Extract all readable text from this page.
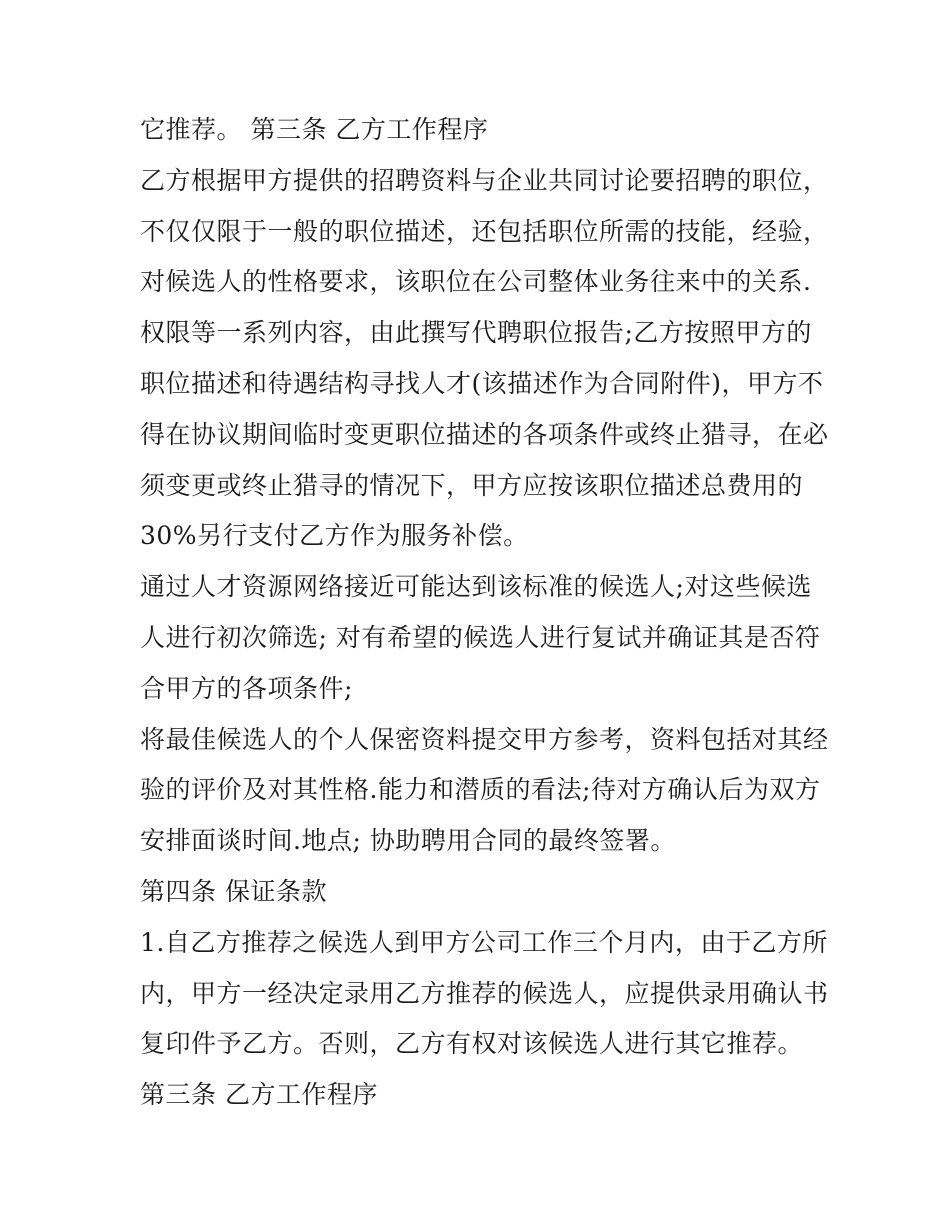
它推荐。 第三条 乙方工作程序
乙方根据甲方提供的招聘资料与企业共同讨论要招聘的职位，
不仅仅限于一般的职位描述，还包括职位所需的技能，经验，
对候选人的性格要求，该职位在公司整体业务往来中的关系.
权限等一系列内容，由此撰写代聘职位报告;乙方按照甲方的
职位描述和待遇结构寻找人才(该描述作为合同附件)，甲方不
得在协议期间临时变更职位描述的各项条件或终止猎寻，在必
须变更或终止猎寻的情况下，甲方应按该职位描述总费用的
30%另行支付乙方作为服务补偿。
通过人才资源网络接近可能达到该标准的候选人;对这些候选
人进行初次筛选; 对有希望的候选人进行复试并确证其是否符
合甲方的各项条件;
将最佳候选人的个人保密资料提交甲方参考，资料包括对其经
验的评价及对其性格.能力和潜质的看法;待对方确认后为双方
安排面谈时间.地点; 协助聘用合同的最终签署。
第四条 保证条款
1.自乙方推荐之候选人到甲方公司工作三个月内，由于乙方所
内，甲方一经决定录用乙方推荐的候选人，应提供录用确认书
复印件予乙方。否则，乙方有权对该候选人进行其它推荐。
第三条 乙方工作程序
